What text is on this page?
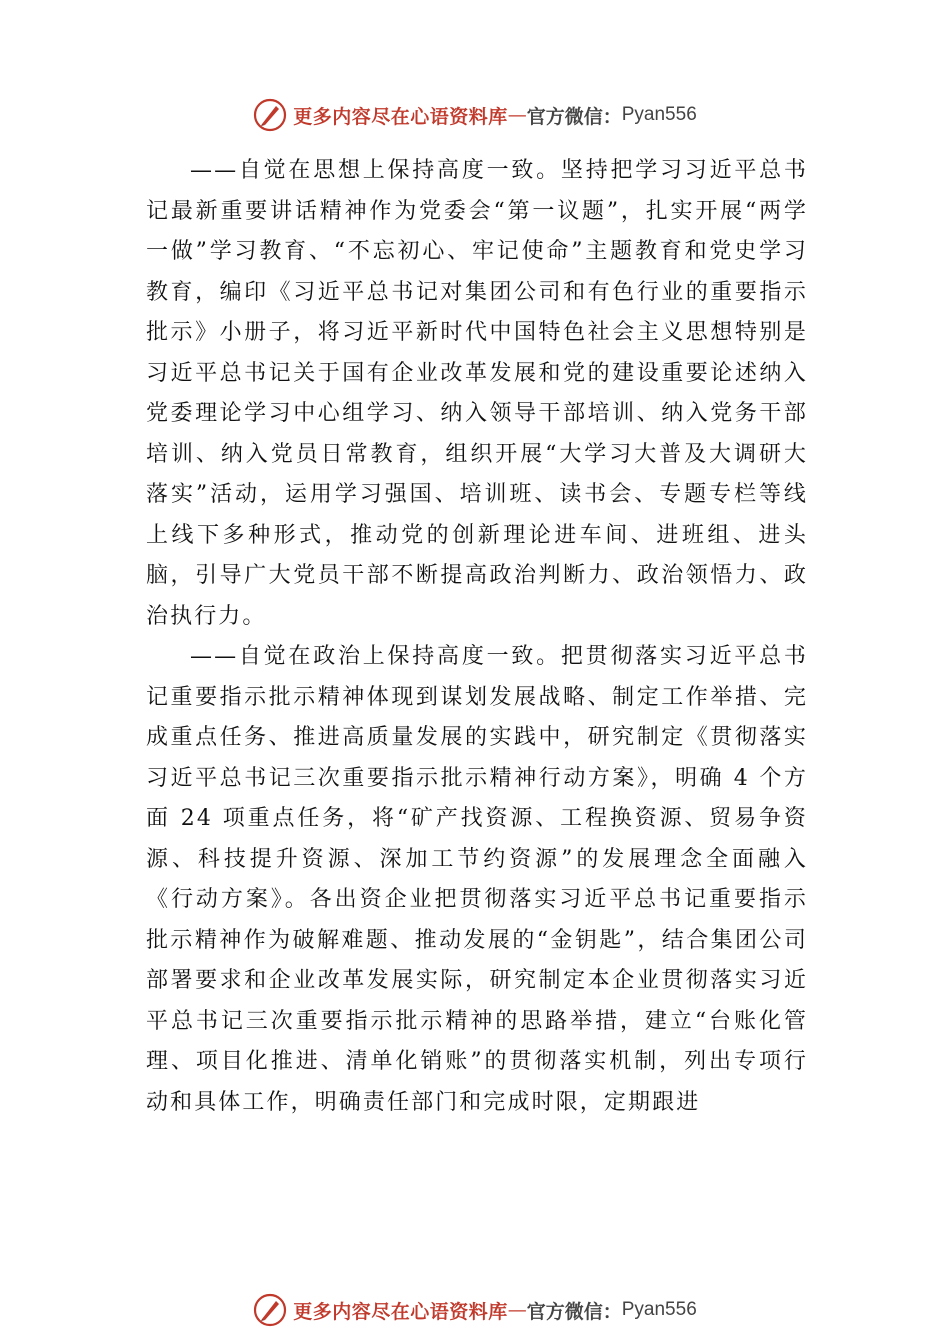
更多内容尽在心语资料库 — 官方微信： Pyan556

——自觉在思想上保持高度一致。坚持把学习习近平总书记最新重要讲话精神作为党委会“第一议题”，扎实开展“两学一做”学习教育、“不忘初心、牢记使命”主题教育和党史学习教育，编印《习近平总书记对集团公司和有色行业的重要指示批示》小册子，将习近平新时代中国特色社会主义思想特别是习近平总书记关于国有企业改革发展和党的建设重要论述纳入党委理论学习中心组学习、纳入领导干部培训、纳入党务干部培训、纳入党员日常教育，组织开展“大学习大普及大调研大落实”活动，运用学习强国、培训班、读书会、专题专栏等线上线下多种形式，推动党的创新理论进车间、进班组、进头脑，引导广大党员干部不断提高政治判断力、政治领悟力、政治执行力。

——自觉在政治上保持高度一致。把贯彻落实习近平总书记重要指示批示精神体现到谋划发展战略、制定工作举措、完成重点任务、推进高质量发展的实践中，研究制定《贯彻落实习近平总书记三次重要指示批示精神行动方案》，明确 4 个方面 24 项重点任务，将“矿产找资源、工程换资源、贸易争资源、科技提升资源、深加工节约资源”的发展理念全面融入《行动方案》。各出资企业把贯彻落实习近平总书记重要指示批示精神作为破解难题、推动发展的“金钥匙”，结合集团公司部署要求和企业改革发展实际，研究制定本企业贯彻落实习近平总书记三次重要指示批示精神的思路举措，建立“台账化管理、项目化推进、清单化销账”的贯彻落实机制，列出专项行动和具体工作，明确责任部门和完成时限，定期跟进

更多内容尽在心语资料库 — 官方微信： Pyan556
